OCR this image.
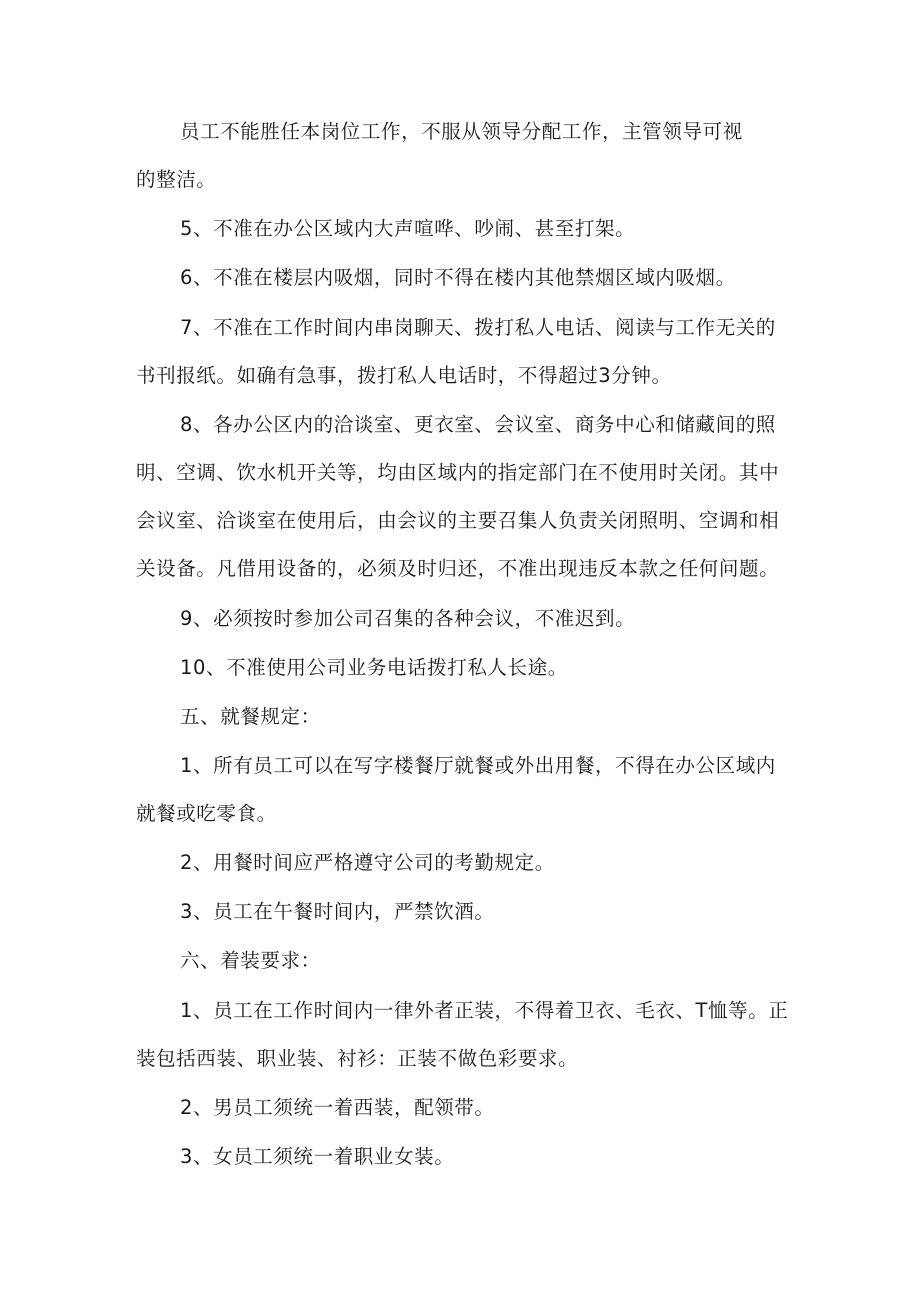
员工不能胜任本岗位工作，不服从领导分配工作，主管领导可视
的整洁。
5、不准在办公区域内大声喧哗、吵闹、甚至打架。
6、不准在楼层内吸烟，同时不得在楼内其他禁烟区域内吸烟。
7、不准在工作时间内串岗聊天、拨打私人电话、阅读与工作无关的
书刊报纸。如确有急事，拨打私人电话时，不得超过3分钟。
8、各办公区内的洽谈室、更衣室、会议室、商务中心和储藏间的照
明、空调、饮水机开关等，均由区域内的指定部门在不使用时关闭。其中
会议室、洽谈室在使用后，由会议的主要召集人负责关闭照明、空调和相
关设备。凡借用设备的，必须及时归还，不准出现违反本款之任何问题。
9、必须按时参加公司召集的各种会议，不准迟到。
10、不准使用公司业务电话拨打私人长途。
五、就餐规定：
1、所有员工可以在写字楼餐厅就餐或外出用餐，不得在办公区域内
就餐或吃零食。
2、用餐时间应严格遵守公司的考勤规定。
3、员工在午餐时间内，严禁饮酒。
六、着装要求：
1、员工在工作时间内一律外者正装，不得着卫衣、毛衣、T恤等。正
装包括西装、职业装、衬衫：正装不做色彩要求。
2、男员工须统一着西装，配领带。
3、女员工须统一着职业女装。
